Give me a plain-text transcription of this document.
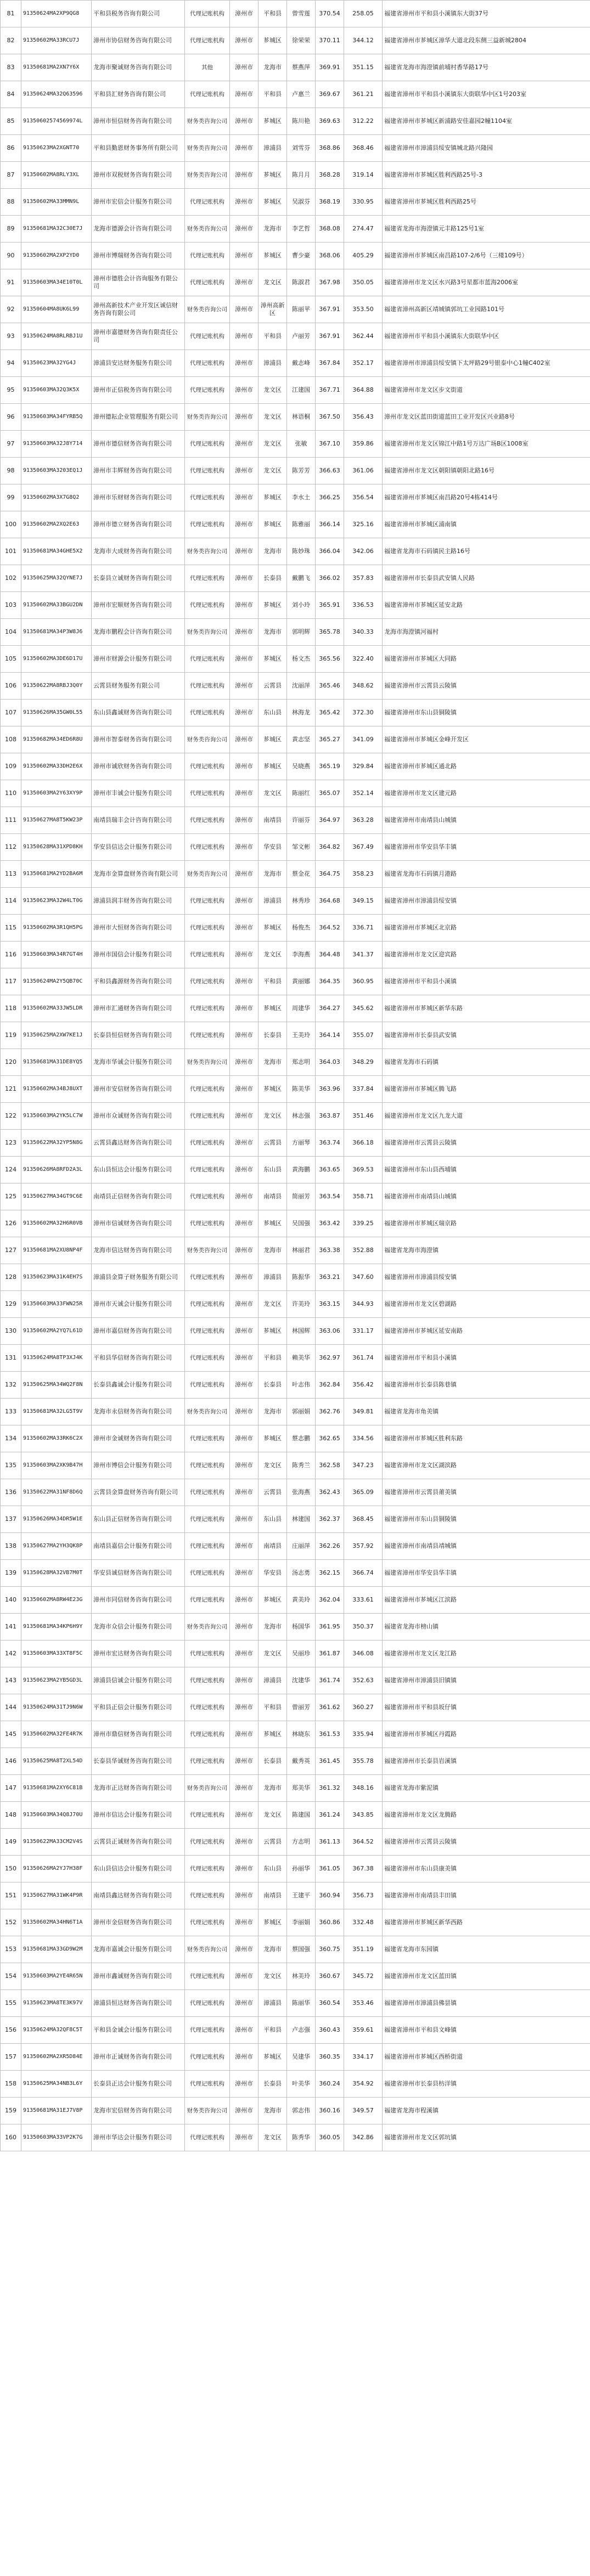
81	91350624MA2XP9QG8	平和县税务咨询有限公司	代理记账机构	漳州市	平和县	曾雪莲	370.54	258.05	福建省漳州市平和县小溪镇东大街37号
82	91350602MA33RCU7J	漳州市协信财务咨询有限公司	代理记账机构	漳州市	芗城区	徐荣荣	370.11	344.12	福建省漳州市芗城区漳华大道北段东侧三益新城2804
83	91350681MA2XN7Y6X	龙海市聚诚财务咨询有限公司	其他	漳州市	龙海市	蔡燕萍	369.91	351.15	福建省龙海市海澄镇前埔村香华路17号
84	91350624MA32Q63596	平和县汇财务咨询有限公司	代理记账机构	漳州市	平和县	卢惠兰	369.67	361.21	福建省漳州市平和县小溪镇东大街联华中区1号203室
85	91350602574569974L	漳州市恒信财务咨询有限公司	财务类咨询公司	漳州市	芗城区	陈川艳	369.63	312.22	福建省漳州市芗城区新浦路安佳嘉园2幢1104室
86	91350623MA2XGNT70	平和县勤恩财务事务所有限公司	财务类咨询公司	漳州市	漳浦县	刘雪芬	368.86	368.46	福建省漳州市漳浦县绥安镇城北路兴隆园
87	91350602MA8RLY3XL	漳州市双税财务咨询有限公司	财务类咨询公司	漳州市	芗城区	陈月月	368.28	319.14	福建省漳州市芗城区胜利西路25号-3
88	91350602MA33MMN9L	漳州市宏信会计服务有限公司	代理记账机构	漳州市	芗城区	吴淑芬	368.19	330.95	福建省漳州市芗城区胜利西路25号
89	91350681MA32C30E7J	龙海市德源会计咨询有限公司	财务类咨询公司	漳州市	龙海市	李艺哲	368.08	274.47	福建省龙海市海澄镇元丰路125号1室
90	91350602MA2XP2YD0	漳州市博瑞财务咨询有限公司	代理记账机构	漳州市	芗城区	曹少豪	368.06	405.29	福建省漳州市芗城区南昌路107-2/6号（三楼109号）
91	91350603MA34E10T0L	漳州市德胜会计咨询服务有限公司	代理记账机构	漳州市	龙文区	陈淑君	367.98	350.05	福建省漳州市龙文区水兴路3号星都市蓝海2006室
92	91350604MA8UK6L99	漳州高新技术产业开发区诚信财务咨询有限公司	财务类咨询公司	漳州市	漳州高新区	陈丽苹	367.91	353.50	福建省漳州高新区靖城镇郭坑工业园路101号
93	91350624MA8RLRBJ1U	漳州市嘉德财务咨询有限责任公司	代理记账机构	漳州市	平和县	卢丽芳	367.91	362.44	福建省漳州市平和县小溪镇东大街联华中区
94	91350623MA32YG4J	漳浦县安达财务服务有限公司	代理记账机构	漳州市	漳浦县	戴志峰	367.84	352.17	福建省漳州市漳浦县绥安镇下太坪路29号银泰中心1幢C402室
95	91350603MA32Q3K5X	漳州市正信税务咨询有限公司	代理记账机构	漳州市	龙文区	江建国	367.71	364.88	福建省漳州市龙文区步文街道
96	91350603MA34FYRB5Q	漳州德耘企业管理服务有限公司	财务类咨询公司	漳州市	龙文区	林语桐	367.50	356.43	漳州市龙文区蓝田街道蓝田工业开发区兴业路8号
97	91350603MA32J8Y714	漳州市德信财务咨询有限公司	代理记账机构	漳州市	龙文区	张敏	367.10	359.86	福建省漳州市龙文区锦江中路1号万达广场B区1008室
98	91350603MA3203EQ1J	漳州市丰辉财务咨询有限公司	代理记账机构	漳州市	龙文区	陈芳芳	366.63	361.06	福建省漳州市龙文区朝阳镇朝阳北路16号
99	91350602MA3X7G8Q2	漳州市乐财财务咨询有限公司	代理记账机构	漳州市	芗城区	李水土	366.25	356.54	福建省漳州市芗城区南昌路20号4栋414号
100	91350602MA2XQ2E63	漳州市德立财务咨询有限公司	代理记账机构	漳州市	芗城区	陈雅丽	366.14	325.16	福建省漳州市芗城区浦南镇
101	91350681MA34GHE5X2	龙海市大成财务咨询有限公司	财务类咨询公司	漳州市	龙海市	陈妙珠	366.04	342.06	福建省龙海市石码镇民主路16号
102	91350625MA32QYNE7J	长泰县立诚财务咨询有限公司	代理记账机构	漳州市	长泰县	戴鹏飞	366.02	357.83	福建省漳州市长泰县武安镇人民路
103	91350602MA33BGU2DN	漳州市宏顺财务咨询有限公司	代理记账机构	漳州市	芗城区	刘小玲	365.91	336.53	福建省漳州市芗城区延安北路
104	91350681MA34P3W8J6	龙海市鹏程会计咨询有限公司	财务类咨询公司	漳州市	龙海市	郭明辉	365.78	340.33	龙海市海澄镇河福村
105	91350602MA3DE6D17U	漳州市财源会计服务有限公司	代理记账机构	漳州市	芗城区	杨文杰	365.56	322.40	福建省漳州市芗城区大同路
106	91350622MA8RBJ3Q0Y	云霄县财务服务有限公司	代理记账机构	漳州市	云霄县	沈丽萍	365.46	348.62	福建省漳州市云霄县云陵镇
107	91350626MA35GW0L55	东山县鑫诚财务咨询有限公司	代理记账机构	漳州市	东山县	林海龙	365.42	372.30	福建省漳州市东山县铜陵镇
108	91350682MA34ED6R8U	漳州市智泰财务咨询有限公司	财务类咨询公司	漳州市	芗城区	黄志坚	365.27	341.09	福建省漳州市芗城区金峰开发区
109	91350602MA33DH2E6X	漳州市诚欣财务咨询有限公司	代理记账机构	漳州市	芗城区	吴晓燕	365.19	329.84	福建省漳州市芗城区通北路
110	91350603MA2Y63XY9P	漳州市丰诚会计服务有限公司	代理记账机构	漳州市	龙文区	陈丽红	365.07	352.14	福建省漳州市龙文区建元路
111	91350627MA8T5KW23P	南靖县瑞丰会计咨询有限公司	代理记账机构	漳州市	南靖县	许丽芬	364.97	363.28	福建省漳州市南靖县山城镇
112	91350628MA31XPD8KH	华安县信达会计服务有限公司	代理记账机构	漳州市	华安县	邹文彬	364.82	367.49	福建省漳州市华安县华丰镇
113	91350681MA2YD2BA6M	龙海市金算盘财务咨询有限公司	财务类咨询公司	漳州市	龙海市	蔡金花	364.75	358.23	福建省龙海市石码镇月港路
114	91350623MA32W4LT0G	漳浦县润丰财务咨询有限公司	代理记账机构	漳州市	漳浦县	林秀珍	364.68	349.15	福建省漳州市漳浦县绥安镇
115	91350602MA3R1QH5PG	漳州市大恒财务咨询有限公司	代理记账机构	漳州市	芗城区	杨俊杰	364.52	336.71	福建省漳州市芗城区北京路
116	91350603MA34R7GT4H	漳州市国信会计服务有限公司	代理记账机构	漳州市	龙文区	李海燕	364.48	341.37	福建省漳州市龙文区迎宾路
117	91350624MA2Y5QB70C	平和县鑫源财务咨询有限公司	代理记账机构	漳州市	平和县	黄丽娜	364.35	360.95	福建省漳州市平和县小溪镇
118	91350602MA33JW5LDR	漳州市汇通财务咨询有限公司	代理记账机构	漳州市	芗城区	周建华	364.27	345.62	福建省漳州市芗城区新华东路
119	91350625MA2XW7KE1J	长泰县恒信财务咨询有限公司	代理记账机构	漳州市	长泰县	王美玲	364.14	355.07	福建省漳州市长泰县武安镇
120	91350681MA31DE8YQ5	龙海市华诚会计服务有限公司	财务类咨询公司	漳州市	龙海市	郑志明	364.03	348.29	福建省龙海市石码镇
121	91350602MA34BJ8UXT	漳州市安信财务咨询有限公司	代理记账机构	漳州市	芗城区	陈美华	363.96	337.84	福建省漳州市芗城区腾飞路
122	91350603MA2YK5LC7W	漳州市众诚财务咨询有限公司	代理记账机构	漳州市	龙文区	林志强	363.87	351.46	福建省漳州市龙文区九龙大道
123	91350622MA32YP5N8G	云霄县鑫达财务咨询有限公司	代理记账机构	漳州市	云霄县	方丽琴	363.74	366.18	福建省漳州市云霄县云陵镇
124	91350626MA8RFD2A3L	东山县恒达会计服务有限公司	代理记账机构	漳州市	东山县	黄海鹏	363.65	369.53	福建省漳州市东山县西埔镇
125	91350627MA34GT9C6E	南靖县正信财务咨询有限公司	代理记账机构	漳州市	南靖县	简丽芳	363.54	358.71	福建省漳州市南靖县山城镇
126	91350602MA32H6R0VB	漳州市信诚财务咨询有限公司	代理记账机构	漳州市	芗城区	吴国强	363.42	339.25	福建省漳州市芗城区瑞京路
127	91350681MA2XU8NP4F	龙海市信达财务咨询有限公司	财务类咨询公司	漳州市	龙海市	林丽君	363.38	352.88	福建省龙海市海澄镇
128	91350623MA31K4EH7S	漳浦县金算子财务服务有限公司	代理记账机构	漳州市	漳浦县	陈振华	363.21	347.60	福建省漳州市漳浦县绥安镇
129	91350603MA33FWN25R	漳州市天诚会计服务有限公司	代理记账机构	漳州市	龙文区	许美玲	363.15	344.93	福建省漳州市龙文区碧湖路
130	91350602MA2YQ7L61D	漳州市嘉信财务咨询有限公司	代理记账机构	漳州市	芗城区	林国辉	363.06	331.17	福建省漳州市芗城区延安南路
131	91350624MA8TP3XJ4K	平和县华信财务咨询有限公司	代理记账机构	漳州市	平和县	赖美华	362.97	361.74	福建省漳州市平和县小溪镇
132	91350625MA34WQ2F8N	长泰县鑫诚会计服务有限公司	代理记账机构	漳州市	长泰县	叶志伟	362.84	356.42	福建省漳州市长泰县陈巷镇
133	91350681MA32LG5T9V	龙海市永信财务咨询有限公司	财务类咨询公司	漳州市	龙海市	郭丽娟	362.76	349.81	福建省龙海市角美镇
134	91350602MA33RK6C2X	漳州市金诚财务咨询有限公司	代理记账机构	漳州市	芗城区	蔡志鹏	362.65	334.56	福建省漳州市芗城区胜利东路
135	91350603MA2XK9B47H	漳州市博信会计服务有限公司	代理记账机构	漳州市	龙文区	陈秀兰	362.58	347.23	福建省漳州市龙文区湖滨路
136	91350622MA31NF8D6Q	云霄县金算盘财务咨询有限公司	代理记账机构	漳州市	云霄县	张海燕	362.43	365.09	福建省漳州市云霄县莆美镇
137	91350626MA34DR5W1E	东山县正信财务咨询有限公司	代理记账机构	漳州市	东山县	林建国	362.37	368.45	福建省漳州市东山县铜陵镇
138	91350627MA2YH3QK8P	南靖县嘉信会计服务有限公司	代理记账机构	漳州市	南靖县	庄丽萍	362.26	357.92	福建省漳州市南靖县靖城镇
139	91350628MA32VB7M0T	华安县诚信财务咨询有限公司	代理记账机构	漳州市	华安县	汤志勇	362.15	366.74	福建省漳州市华安县华丰镇
140	91350602MA8RW4E23G	漳州市同信财务咨询有限公司	代理记账机构	漳州市	芗城区	黄美玲	362.04	333.61	福建省漳州市芗城区江滨路
141	91350681MA34KP6H9Y	龙海市众信会计服务有限公司	财务类咨询公司	漳州市	龙海市	杨国华	361.95	350.37	福建省龙海市榜山镇
142	91350603MA33XT8F5C	漳州市宏达财务咨询有限公司	代理记账机构	漳州市	龙文区	吴丽珍	361.87	346.08	福建省漳州市龙文区龙江路
143	91350623MA2YB5GD3L	漳浦县信诚会计服务有限公司	代理记账机构	漳州市	漳浦县	沈建华	361.74	352.63	福建省漳州市漳浦县旧镇镇
144	91350624MA31TJ9N6W	平和县正信会计服务有限公司	代理记账机构	漳州市	平和县	曾丽芳	361.62	360.27	福建省漳州市平和县坂仔镇
145	91350602MA32FE4R7K	漳州市鼎信财务咨询有限公司	代理记账机构	漳州市	芗城区	林晓东	361.53	335.94	福建省漳州市芗城区丹霞路
146	91350625MA8T2XL54D	长泰县华诚财务咨询有限公司	代理记账机构	漳州市	长泰县	戴秀英	361.45	355.78	福建省漳州市长泰县岩溪镇
147	91350681MA2XY6C81B	龙海市正达财务咨询有限公司	财务类咨询公司	漳州市	龙海市	郑美华	361.32	348.16	福建省龙海市紫泥镇
148	91350603MA34Q8J70U	漳州市信达会计服务有限公司	代理记账机构	漳州市	龙文区	陈建国	361.24	343.85	福建省漳州市龙文区龙腾路
149	91350622MA33CM2V4S	云霄县正诚财务咨询有限公司	代理记账机构	漳州市	云霄县	方志明	361.13	364.52	福建省漳州市云霄县云陵镇
150	91350626MA2YJ7H38F	东山县信达会计服务有限公司	代理记账机构	漳州市	东山县	孙丽华	361.05	367.38	福建省漳州市东山县康美镇
151	91350627MA31WK4P9R	南靖县鑫达财务咨询有限公司	代理记账机构	漳州市	南靖县	王建平	360.94	356.73	福建省漳州市南靖县丰田镇
152	91350602MA34HN6T1A	漳州市金信财务咨询有限公司	代理记账机构	漳州市	芗城区	李丽娟	360.86	332.48	福建省漳州市芗城区新华西路
153	91350681MA33GD9W2M	龙海市嘉诚会计服务有限公司	财务类咨询公司	漳州市	龙海市	蔡国强	360.75	351.19	福建省龙海市东园镇
154	91350603MA2YE4R65N	漳州市鑫诚财务咨询有限公司	代理记账机构	漳州市	龙文区	林美玲	360.67	345.72	福建省漳州市龙文区蓝田镇
155	91350623MA8TE3K97V	漳浦县恒达财务咨询有限公司	代理记账机构	漳州市	漳浦县	陈丽华	360.54	353.46	福建省漳州市漳浦县佛昙镇
156	91350624MA32QF8C5T	平和县金诚会计服务有限公司	代理记账机构	漳州市	平和县	卢志强	360.43	359.61	福建省漳州市平和县文峰镇
157	91350602MA2XR5D84E	漳州市正诚财务咨询有限公司	代理记账机构	漳州市	芗城区	吴建华	360.35	334.17	福建省漳州市芗城区西桥街道
158	91350625MA34NB3L6Y	长泰县正达会计服务有限公司	代理记账机构	漳州市	长泰县	叶美华	360.24	354.92	福建省漳州市长泰县枋洋镇
159	91350681MA31EJ7V8P	龙海市宏信财务咨询有限公司	财务类咨询公司	漳州市	龙海市	郭志伟	360.16	349.57	福建省龙海市程溪镇
160	91350603MA33VP2K7G	漳州市华达会计服务有限公司	代理记账机构	漳州市	龙文区	陈秀华	360.05	342.86	福建省漳州市龙文区郭坑镇
